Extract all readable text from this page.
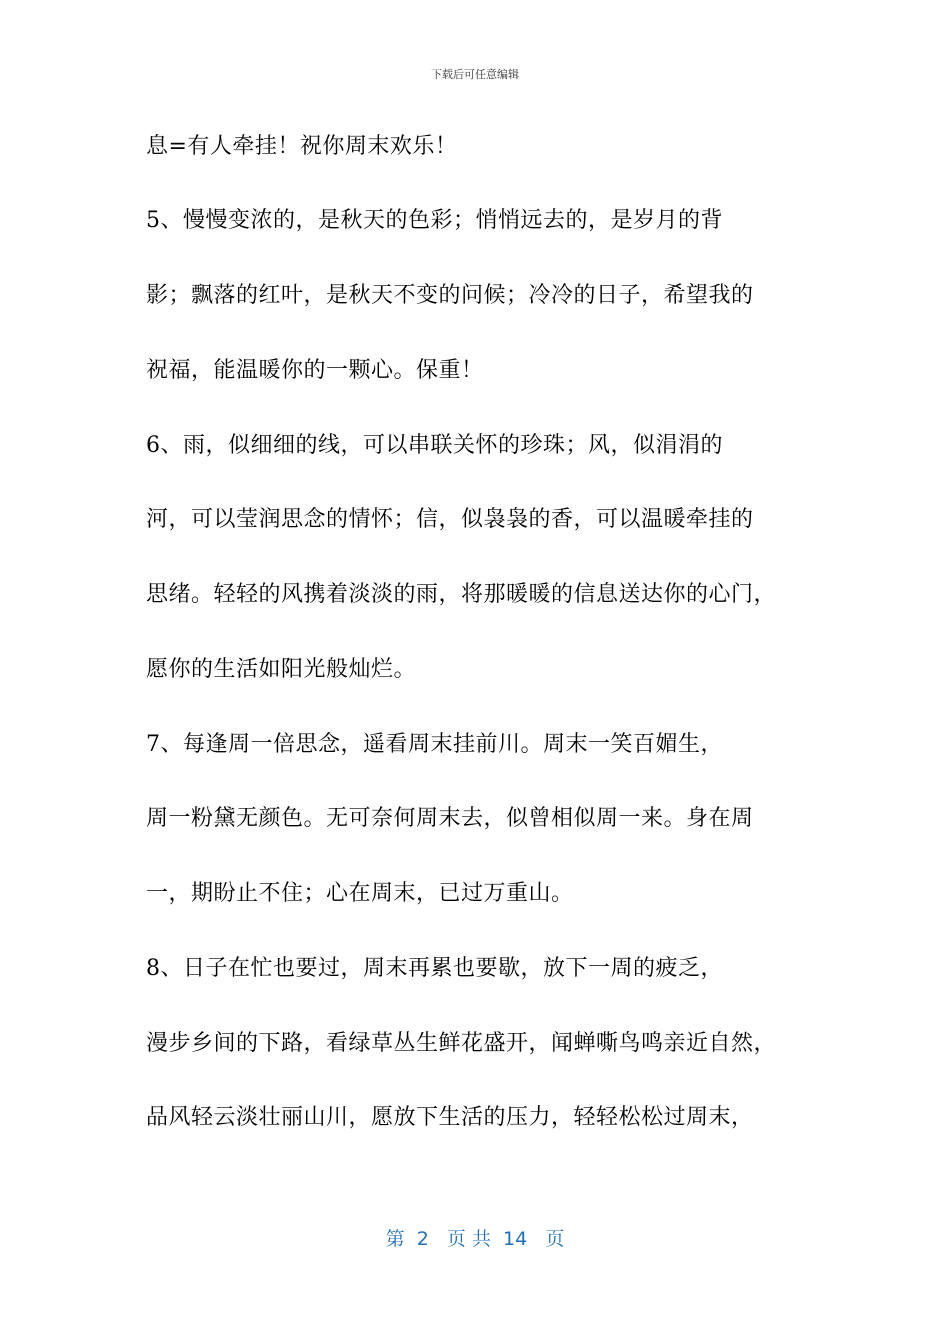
下载后可任意编辑
息=有人牵挂！祝你周末欢乐！
5、慢慢变浓的，是秋天的色彩；悄悄远去的，是岁月的背
影；飘落的红叶，是秋天不变的问候；冷冷的日子，希望我的
祝福，能温暖你的一颗心。保重！
6、雨，似细细的线，可以串联关怀的珍珠；风，似涓涓的
河，可以莹润思念的情怀；信，似袅袅的香，可以温暖牵挂的
思绪。轻轻的风携着淡淡的雨，将那暖暖的信息送达你的心门，
愿你的生活如阳光般灿烂。
7、每逢周一倍思念，遥看周末挂前川。周末一笑百媚生，
周一粉黛无颜色。无可奈何周末去，似曾相似周一来。身在周
一，期盼止不住；心在周末，已过万重山。
8、日子在忙也要过，周末再累也要歇，放下一周的疲乏，
漫步乡间的下路，看绿草丛生鲜花盛开，闻蝉嘶鸟鸣亲近自然，
品风轻云淡壮丽山川，愿放下生活的压力，轻轻松松过周末，
第  2   页 共  14   页
